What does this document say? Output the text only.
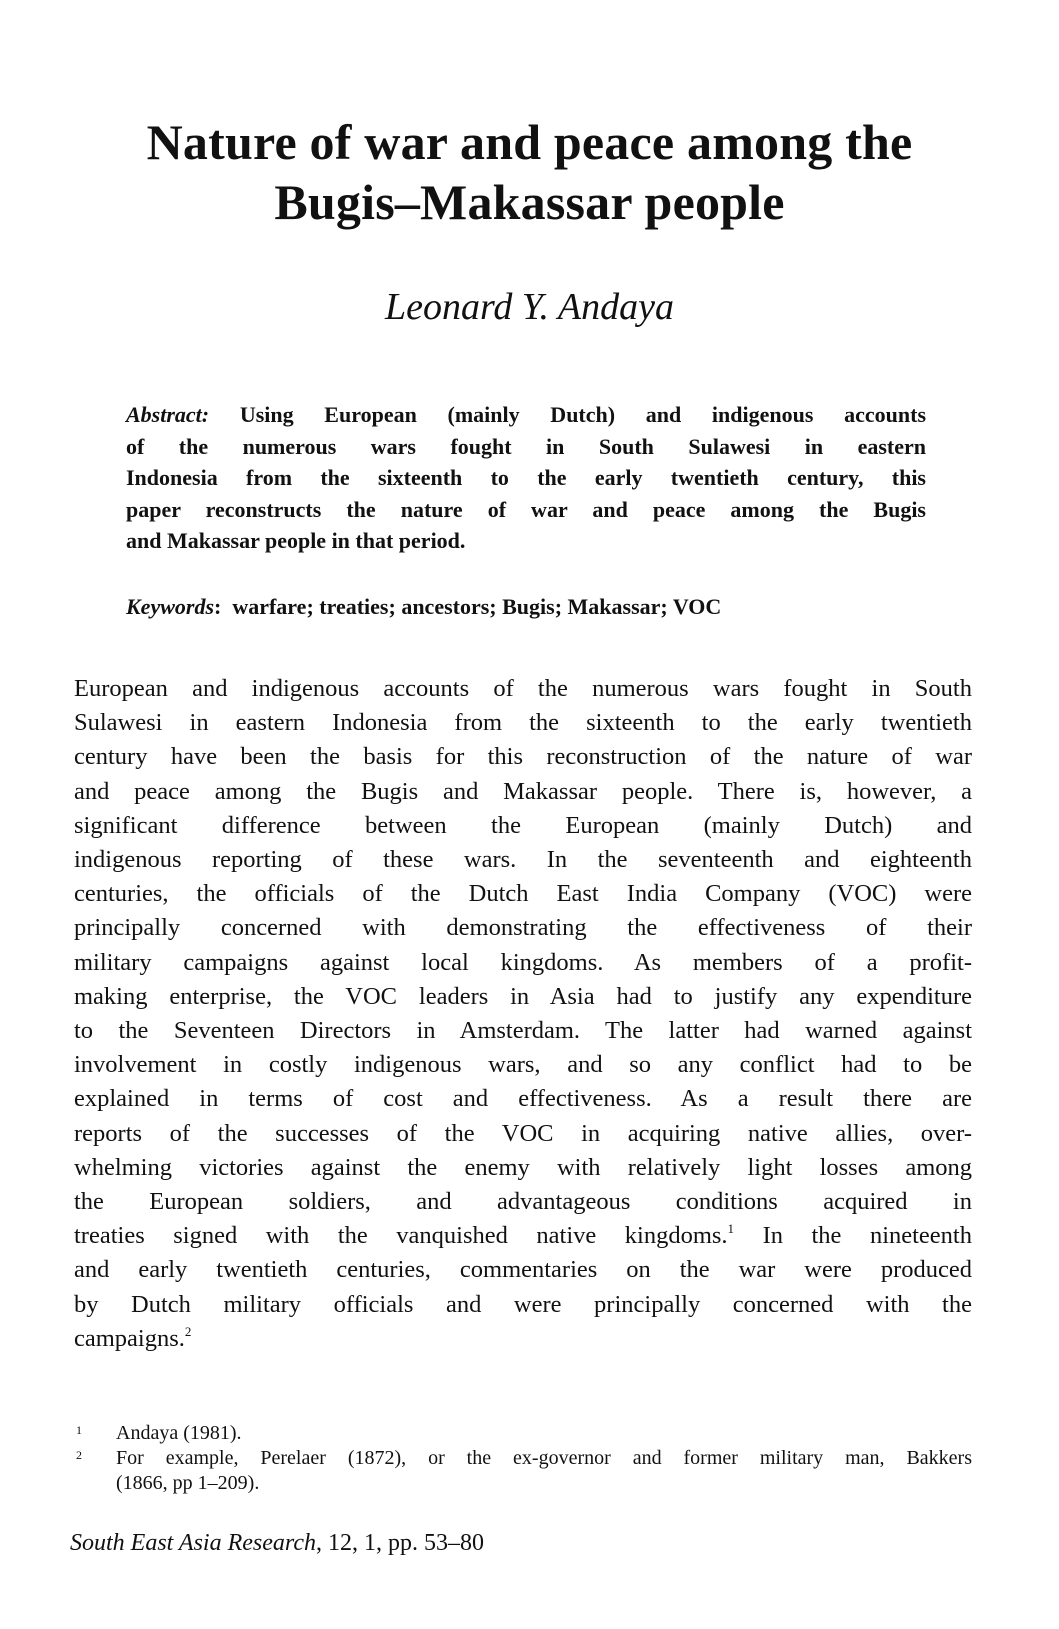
Nature of war and peace among the
Bugis–Makassar people
Leonard Y. Andaya
Abstract: Using European (mainly Dutch) and indigenous accounts
of the numerous wars fought in South Sulawesi in eastern
Indonesia from the sixteenth to the early twentieth century, this
paper reconstructs the nature of war and peace among the Bugis
and Makassar people in that period.
Keywords:  warfare; treaties; ancestors; Bugis; Makassar; VOC
European and indigenous accounts of the numerous wars fought in South
Sulawesi in eastern Indonesia from the sixteenth to the early twentieth
century have been the basis for this reconstruction of the nature of war
and peace among the Bugis and Makassar people. There is, however, a
significant difference between the European (mainly Dutch) and
indigenous reporting of these wars. In the seventeenth and eighteenth
centuries, the officials of the Dutch East India Company (VOC) were
principally concerned with demonstrating the effectiveness of their
military campaigns against local kingdoms. As members of a profit-
making enterprise, the VOC leaders in Asia had to justify any expenditure
to the Seventeen Directors in Amsterdam. The latter had warned against
involvement in costly indigenous wars, and so any conflict had to be
explained in terms of cost and effectiveness. As a result there are
reports of the successes of the VOC in acquiring native allies, over-
whelming victories against the enemy with relatively light losses among
the European soldiers, and advantageous conditions acquired in
treaties signed with the vanquished native kingdoms.$^1$ In the nineteenth
and early twentieth centuries, commentaries on the war were produced
by Dutch military officials and were principally concerned with the
campaigns.$^2$
1 Andaya (1981).
2 For example, Perelaer (1872), or the ex-governor and former military man, Bakkers
(1866, pp 1–209).
South East Asia Research, 12, 1, pp. 53–80
